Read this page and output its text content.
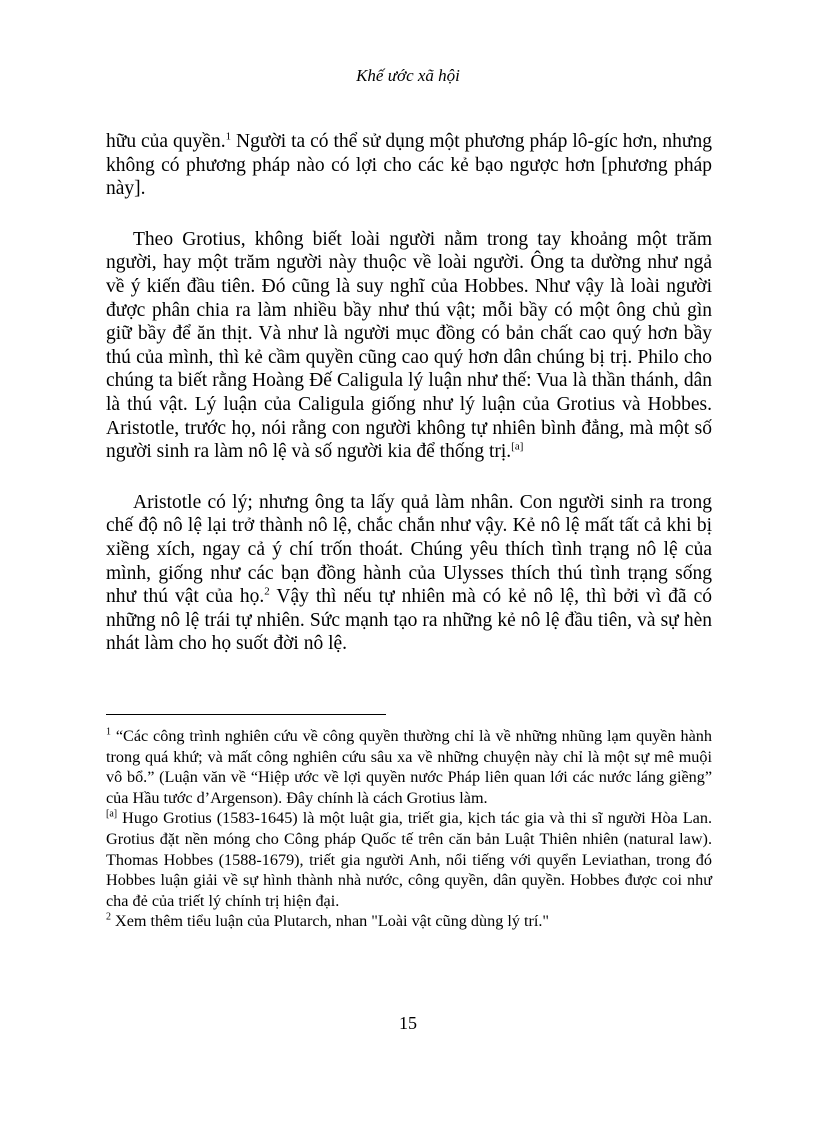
Khế ước xã hội

hữu của quyền.$^1$ Người ta có thể sử dụng một phương pháp lô-gíc hơn, nhưng không có phương pháp nào có lợi cho các kẻ bạo ngược hơn [phương pháp này].

Theo Grotius, không biết loài người nằm trong tay khoảng một trăm người, hay một trăm người này thuộc về loài người. Ông ta dường như ngả về ý kiến đầu tiên. Đó cũng là suy nghĩ của Hobbes. Như vậy là loài người được phân chia ra làm nhiều bầy như thú vật; mỗi bầy có một ông chủ gìn giữ bầy để ăn thịt. Và như là người mục đồng có bản chất cao quý hơn bầy thú của mình, thì kẻ cầm quyền cũng cao quý hơn dân chúng bị trị. Philo cho chúng ta biết rằng Hoàng Đế Caligula lý luận như thế: Vua là thần thánh, dân là thú vật. Lý luận của Caligula giống như lý luận của Grotius và Hobbes. Aristotle, trước họ, nói rằng con người không tự nhiên bình đẳng, mà một số người sinh ra làm nô lệ và số người kia để thống trị.[a]

Aristotle có lý; nhưng ông ta lấy quả làm nhân. Con người sinh ra trong chế độ nô lệ lại trở thành nô lệ, chắc chắn như vậy. Kẻ nô lệ mất tất cả khi bị xiềng xích, ngay cả ý chí trốn thoát. Chúng yêu thích tình trạng nô lệ của mình, giống như các bạn đồng hành của Ulysses thích thú tình trạng sống như thú vật của họ.$^2$ Vậy thì nếu tự nhiên mà có kẻ nô lệ, thì bởi vì đã có những nô lệ trái tự nhiên. Sức mạnh tạo ra những kẻ nô lệ đầu tiên, và sự hèn nhát làm cho họ suốt đời nô lệ.

$^1$ “Các công trình nghiên cứu về công quyền thường chỉ là về những nhũng lạm quyền hành trong quá khứ; và mất công nghiên cứu sâu xa về những chuyện này chỉ là một sự mê muội vô bổ.” (Luận văn về “Hiệp ước về lợi quyền nước Pháp liên quan lới các nước láng giềng” của Hầu tước d’Argenson). Đây chính là cách Grotius làm.

[a] Hugo Grotius (1583-1645) là một luật gia, triết gia, kịch tác gia và thi sĩ người Hòa Lan. Grotius đặt nền móng cho Công pháp Quốc tế trên căn bản Luật Thiên nhiên (natural law). Thomas Hobbes (1588-1679), triết gia người Anh, nổi tiếng với quyển Leviathan, trong đó Hobbes luận giải về sự hình thành nhà nước, công quyền, dân quyền. Hobbes được coi như cha đẻ của triết lý chính trị hiện đại.

$^2$ Xem thêm tiểu luận của Plutarch, nhan "Loài vật cũng dùng lý trí."

15
